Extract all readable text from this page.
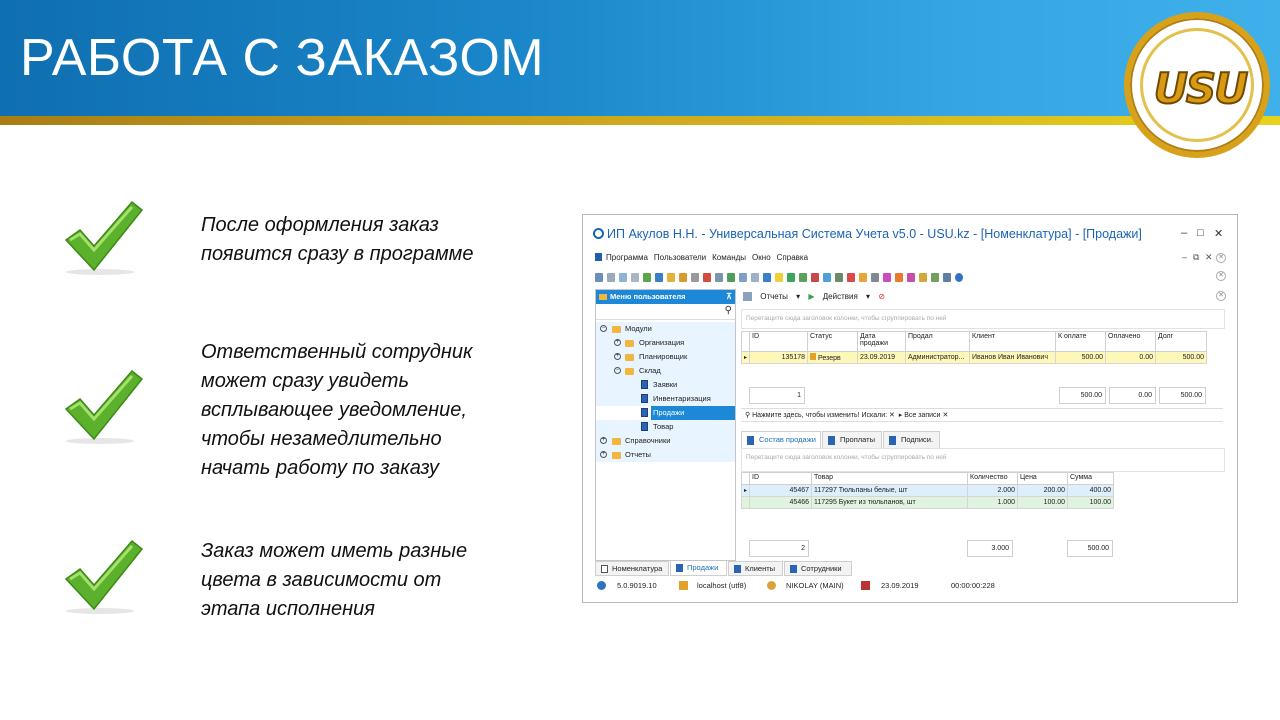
РАБОТА С ЗАКАЗОМ
USU
После оформления заказ
появится сразу в программе
Ответственный сотрудник
может сразу увидеть
всплывающее уведомление,
чтобы незамедлительно
начать работу по заказу
Заказ может иметь разные
цвета в зависимости от
этапа исполнения
ИП Акулов Н.Н. - Универсальная Система Учета v5.0 - USU.kz - [Номенклатура] - [Продажи]	– □ ✕
Программа Пользователи Команды Окно Справка	– ⧉ ✕ ✕
✕
✕
Меню пользователя	⊼
⚲
−	Модули
+	Организация
+	Планировщик
−	Склад
Заявки
Инвентаризация
Продажи
Товар
+	Справочники
+	Отчеты
Отчеты ▾ ▶ Действия ▾ ⊘
Перетащите сюда заголовок колонки, чтобы сгруппировать по ней
	ID	Статус	Дата продажи	Продал	Клиент	К оплате	Оплачено	Долг
▸	135178	Резерв	23.09.2019	Администратор...	Иванов Иван Иванович	500.00	0.00	500.00
1	500.00	0.00	500.00
⚲ Нажмите здесь, чтобы изменить! Искали: ✕  ▸ Все записи ✕
Состав продажи	Проплаты	Подписи.
Перетащите сюда заголовок колонки, чтобы сгруппировать по ней
	ID	Товар	Количество	Цена	Сумма
▸	45467	117297 Тюльпаны белые, шт	2.000	200.00	400.00
	45466	117295 Букет из тюльпанов, шт	1.000	100.00	100.00
2	3.000	500.00
Номенклатура	Продажи	Клиенты	Сотрудники
5.0.9019.10	localhost (utf8)	NIKOLAY (MAIN)	23.09.2019	00:00:00:228
